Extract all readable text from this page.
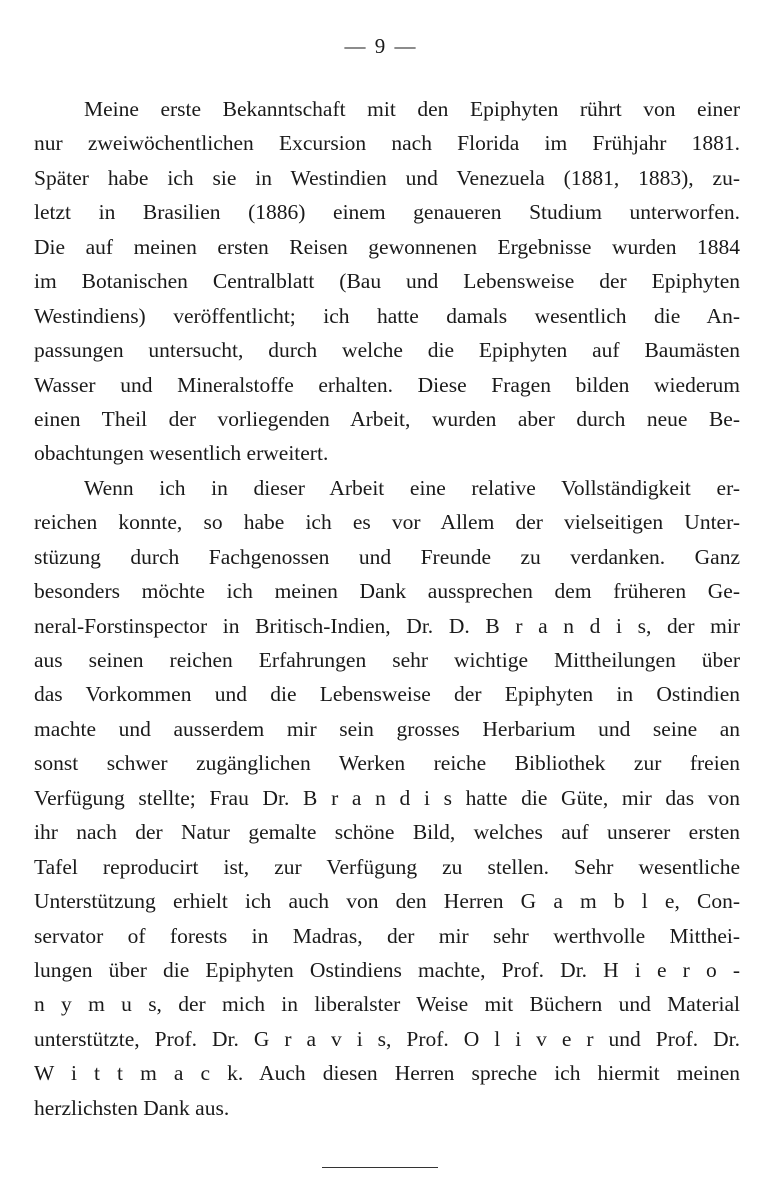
— 9 —
Meine erste Bekanntschaft mit den Epiphyten rührt von einer
nur zweiwöchentlichen Excursion nach Florida im Frühjahr 1881.
Später habe ich sie in Westindien und Venezuela (1881, 1883), zu-
letzt in Brasilien (1886) einem genaueren Studium unterworfen.
Die auf meinen ersten Reisen gewonnenen Ergebnisse wurden 1884
im Botanischen Centralblatt (Bau und Lebensweise der Epiphyten
Westindiens) veröffentlicht; ich hatte damals wesentlich die An-
passungen untersucht, durch welche die Epiphyten auf Baumästen
Wasser und Mineralstoffe erhalten. Diese Fragen bilden wiederum
einen Theil der vorliegenden Arbeit, wurden aber durch neue Be-
obachtungen wesentlich erweitert.
Wenn ich in dieser Arbeit eine relative Vollständigkeit er-
reichen konnte, so habe ich es vor Allem der vielseitigen Unter-
stüzung durch Fachgenossen und Freunde zu verdanken. Ganz
besonders möchte ich meinen Dank aussprechen dem früheren Ge-
neral-Forstinspector in Britisch-Indien, Dr. D. B r a n d i s, der mir
aus seinen reichen Erfahrungen sehr wichtige Mittheilungen über
das Vorkommen und die Lebensweise der Epiphyten in Ostindien
machte und ausserdem mir sein grosses Herbarium und seine an
sonst schwer zugänglichen Werken reiche Bibliothek zur freien
Verfügung stellte; Frau Dr. B r a n d i s hatte die Güte, mir das von
ihr nach der Natur gemalte schöne Bild, welches auf unserer ersten
Tafel reproducirt ist, zur Verfügung zu stellen. Sehr wesentliche
Unterstützung erhielt ich auch von den Herren G a m b l e, Con-
servator of forests in Madras, der mir sehr werthvolle Mitthei-
lungen über die Epiphyten Ostindiens machte, Prof. Dr. H i e r o -
n y m u s, der mich in liberalster Weise mit Büchern und Material
unterstützte, Prof. Dr. G r a v i s, Prof. O l i v e r und Prof. Dr.
W i t t m a c k. Auch diesen Herren spreche ich hiermit meinen
herzlichsten Dank aus.
